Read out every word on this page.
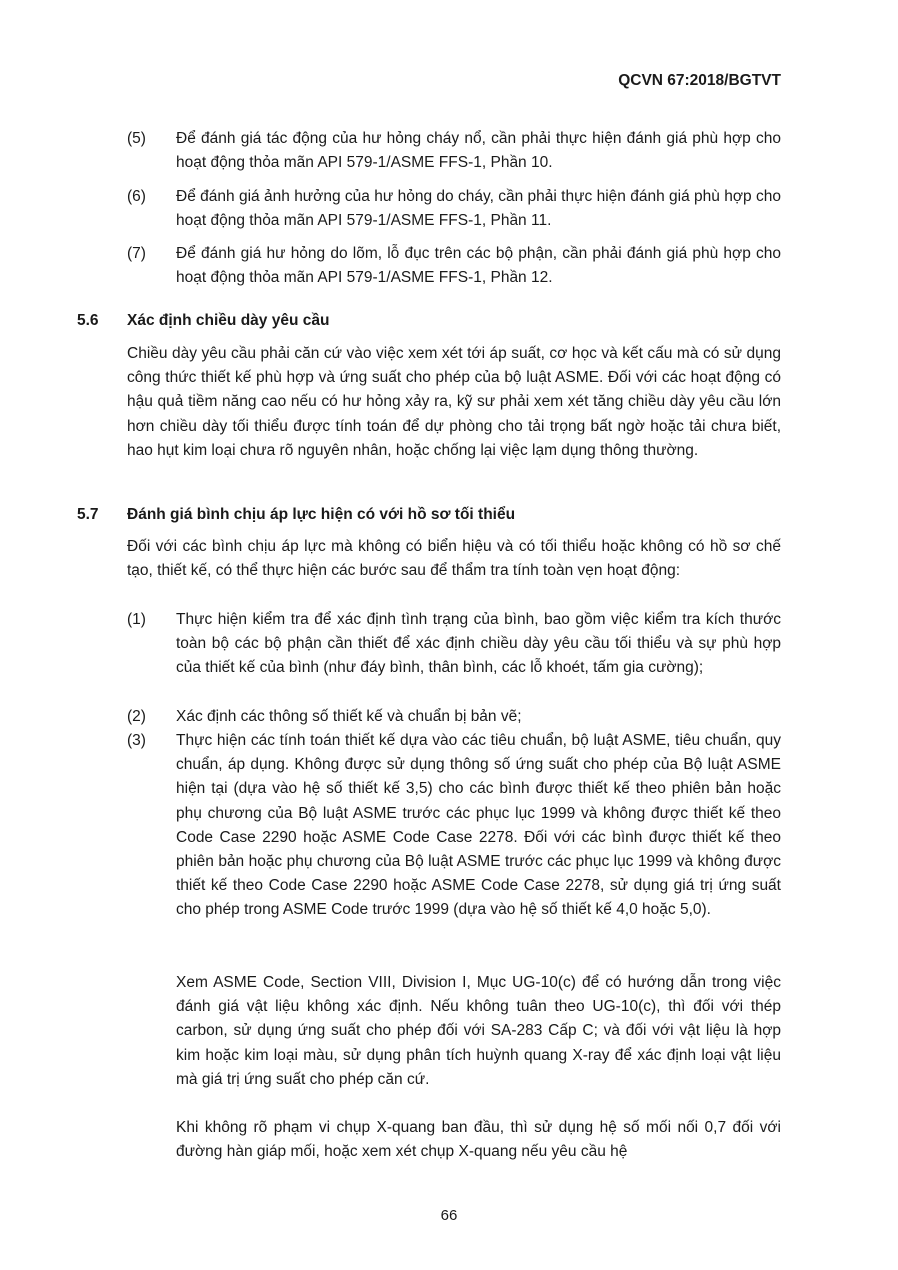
QCVN 67:2018/BGTVT
(5) Để đánh giá tác động của hư hỏng cháy nổ, cần phải thực hiện đánh giá phù hợp cho hoạt động thỏa mãn API 579-1/ASME FFS-1, Phần 10.
(6) Để đánh giá ảnh hưởng của hư hỏng do cháy, cần phải thực hiện đánh giá phù hợp cho hoạt động thỏa mãn API 579-1/ASME FFS-1, Phần 11.
(7) Để đánh giá hư hỏng do lõm, lỗ đục trên các bộ phận, cần phải đánh giá phù hợp cho hoạt động thỏa mãn API 579-1/ASME FFS-1, Phần 12.
5.6 Xác định chiều dày yêu cầu
Chiều dày yêu cầu phải căn cứ vào việc xem xét tới áp suất, cơ học và kết cấu mà có sử dụng công thức thiết kế phù hợp và ứng suất cho phép của bộ luật ASME. Đối với các hoạt động có hậu quả tiềm năng cao nếu có hư hỏng xảy ra, kỹ sư phải xem xét tăng chiều dày yêu cầu lớn hơn chiều dày tối thiểu được tính toán để dự phòng cho tải trọng bất ngờ hoặc tải chưa biết, hao hụt kim loại chưa rõ nguyên nhân, hoặc chống lại việc lạm dụng thông thường.
5.7 Đánh giá bình chịu áp lực hiện có với hồ sơ tối thiểu
Đối với các bình chịu áp lực mà không có biển hiệu và có tối thiểu hoặc không có hồ sơ chế tạo, thiết kế, có thể thực hiện các bước sau để thẩm tra tính toàn vẹn hoạt động:
(1) Thực hiện kiểm tra để xác định tình trạng của bình, bao gồm việc kiểm tra kích thước toàn bộ các bộ phận cần thiết để xác định chiều dày yêu cầu tối thiểu và sự phù hợp của thiết kế của bình (như đáy bình, thân bình, các lỗ khoét, tấm gia cường);
(2) Xác định các thông số thiết kế và chuẩn bị bản vẽ;
(3) Thực hiện các tính toán thiết kế dựa vào các tiêu chuẩn, bộ luật ASME, tiêu chuẩn, quy chuẩn, áp dụng. Không được sử dụng thông số ứng suất cho phép của Bộ luật ASME hiện tại (dựa vào hệ số thiết kế 3,5) cho các bình được thiết kế theo phiên bản hoặc phụ chương của Bộ luật ASME trước các phục lục 1999 và không được thiết kế theo Code Case 2290 hoặc ASME Code Case 2278. Đối với các bình được thiết kế theo phiên bản hoặc phụ chương của Bộ luật ASME trước các phục lục 1999 và không được thiết kế theo Code Case 2290 hoặc ASME Code Case 2278, sử dụng giá trị ứng suất cho phép trong ASME Code trước 1999 (dựa vào hệ số thiết kế 4,0 hoặc 5,0).
Xem ASME Code, Section VIII, Division I, Mục UG-10(c) để có hướng dẫn trong việc đánh giá vật liệu không xác định. Nếu không tuân theo UG-10(c), thì đối với thép carbon, sử dụng ứng suất cho phép đối với SA-283 Cấp C; và đối với vật liệu là hợp kim hoặc kim loại màu, sử dụng phân tích huỳnh quang X-ray để xác định loại vật liệu mà giá trị ứng suất cho phép căn cứ.
Khi không rõ phạm vi chụp X-quang ban đầu, thì sử dụng hệ số mối nối 0,7 đối với đường hàn giáp mối, hoặc xem xét chụp X-quang nếu yêu cầu hệ
66
